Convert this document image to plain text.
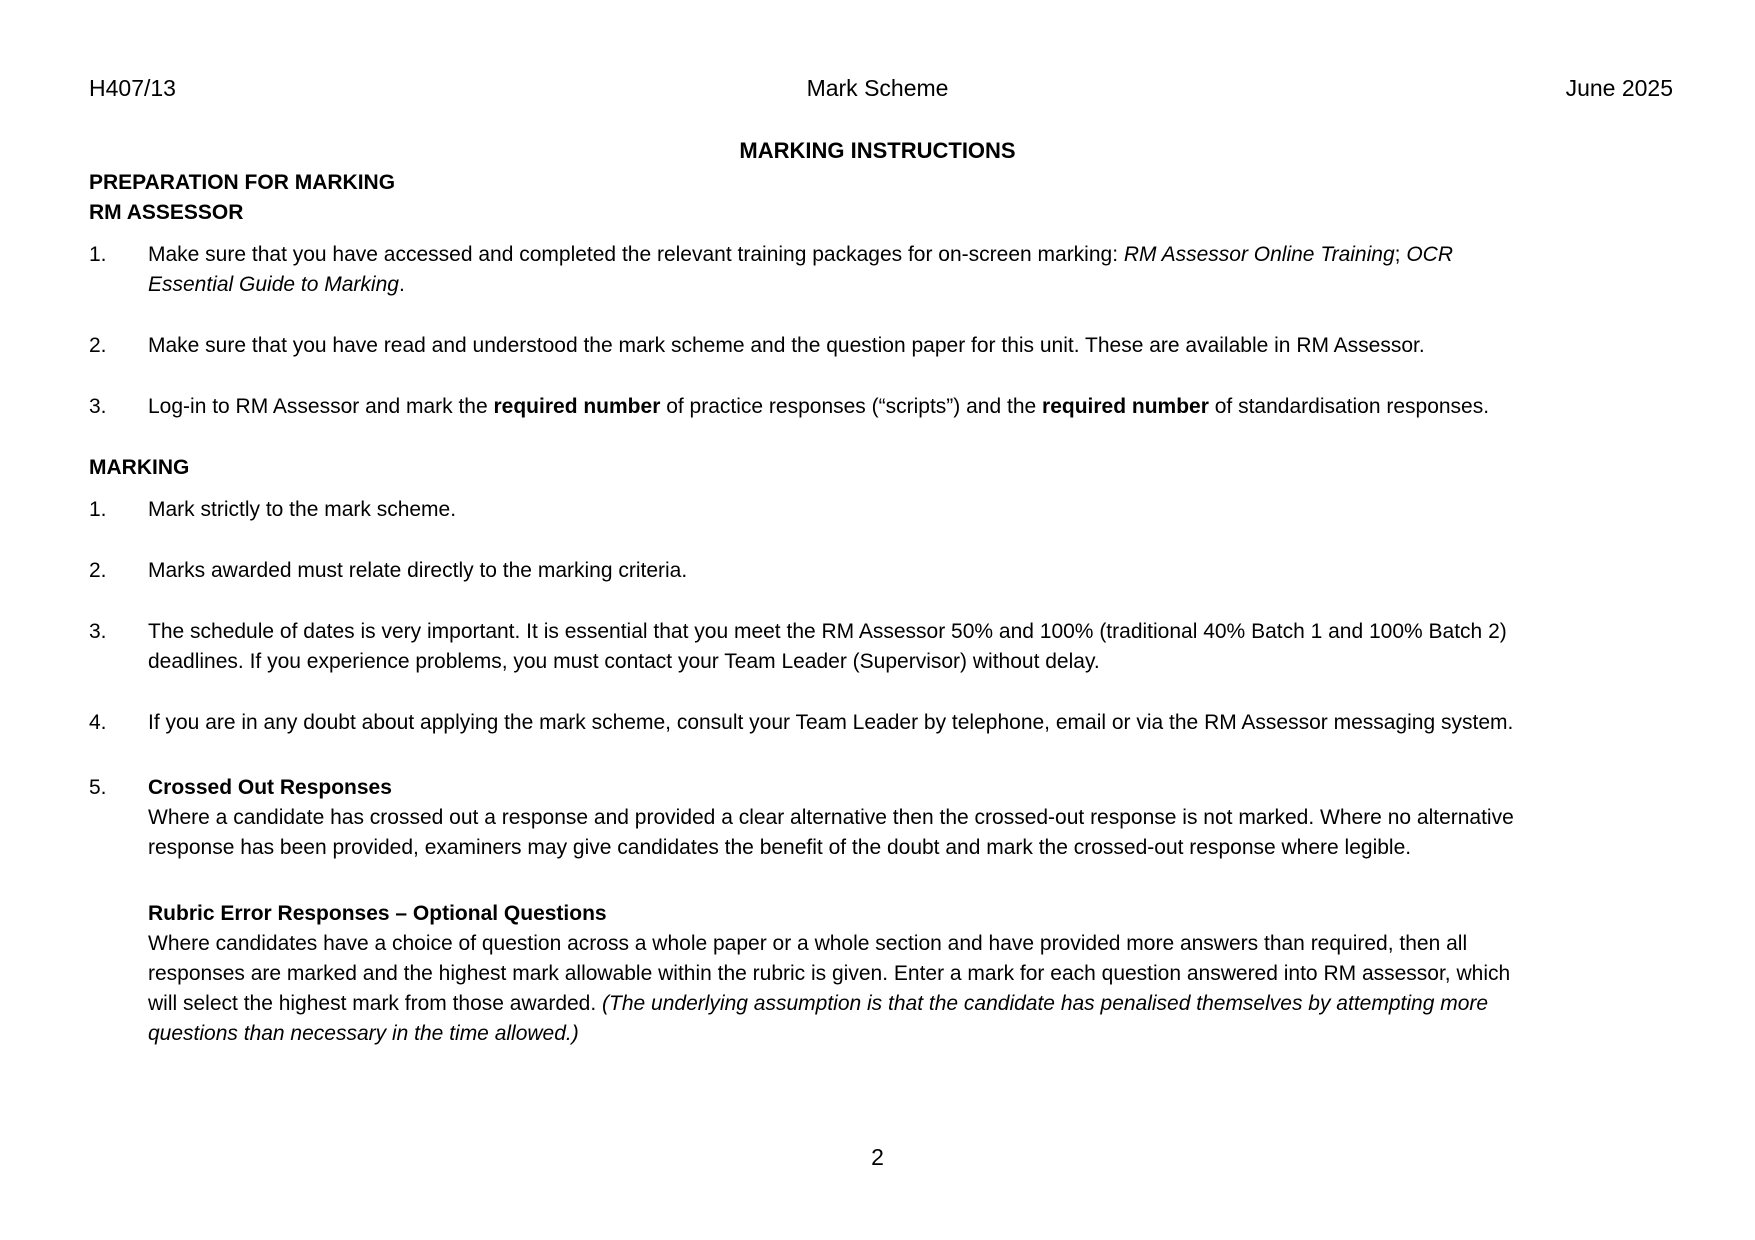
H407/13	Mark Scheme	June 2025
MARKING INSTRUCTIONS
PREPARATION FOR MARKING
RM ASSESSOR
1.	Make sure that you have accessed and completed the relevant training packages for on-screen marking: RM Assessor Online Training; OCR
Essential Guide to Marking.
2.	Make sure that you have read and understood the mark scheme and the question paper for this unit. These are available in RM Assessor.
3.	Log-in to RM Assessor and mark the required number of practice responses (“scripts”) and the required number of standardisation responses.
MARKING
1.	Mark strictly to the mark scheme.
2.	Marks awarded must relate directly to the marking criteria.
3.	The schedule of dates is very important. It is essential that you meet the RM Assessor 50% and 100% (traditional 40% Batch 1 and 100% Batch 2)
deadlines. If you experience problems, you must contact your Team Leader (Supervisor) without delay.
4.	If you are in any doubt about applying the mark scheme, consult your Team Leader by telephone, email or via the RM Assessor messaging system.
5.	Crossed Out Responses
Where a candidate has crossed out a response and provided a clear alternative then the crossed-out response is not marked. Where no alternative
response has been provided, examiners may give candidates the benefit of the doubt and mark the crossed-out response where legible.
Rubric Error Responses – Optional Questions
Where candidates have a choice of question across a whole paper or a whole section and have provided more answers than required, then all
responses are marked and the highest mark allowable within the rubric is given. Enter a mark for each question answered into RM assessor, which
will select the highest mark from those awarded. (The underlying assumption is that the candidate has penalised themselves by attempting more
questions than necessary in the time allowed.)
2
